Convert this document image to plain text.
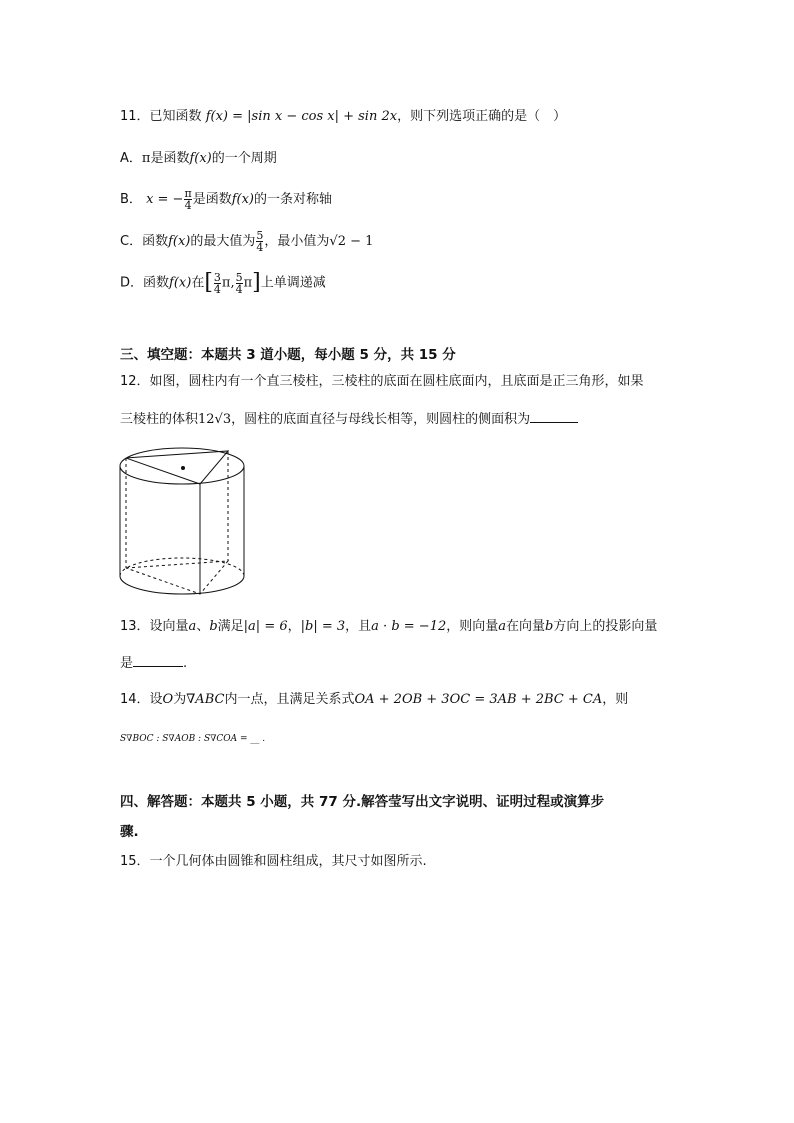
11．已知函数 f(x) = |sin x − cos x| + sin 2x，则下列选项正确的是（　）
A．π是函数f(x)的一个周期
B． x = − $\frac{\pi}{4}$ 是函数f(x)的一条对称轴
C．函数f(x)的最大值为 $\frac{5}{4}$ ，最小值为√2 − 1
D．函数f(x)在[ $\frac{3}{4} \pi$, $\frac{5}{4} \pi$]上单调递减
三、填空题：本题共 3 道小题，每小题 5 分，共 15 分
12．如图，圆柱内有一个直三棱柱，三棱柱的底面在圆柱底面内，且底面是正三角形，如果
三棱柱的体积12√3，圆柱的底面直径与母线长相等，则圆柱的侧面积为
13．设向量a、b满足|a| = 6，|b| = 3，且a · b = −12，则向量a在向量b方向上的投影向量
是	.
14．设O为∇ABC内一点，且满足关系式OA + 2OB + 3OC = 3AB + 2BC + CA，则
S∇BOC : S∇AOB : S∇COA = __ .
四、解答题：本题共 5 小题，共 77 分.解答莹写出文字说明、证明过程或演算步
骤.
15．一个几何体由圆锥和圆柱组成，其尺寸如图所示.
